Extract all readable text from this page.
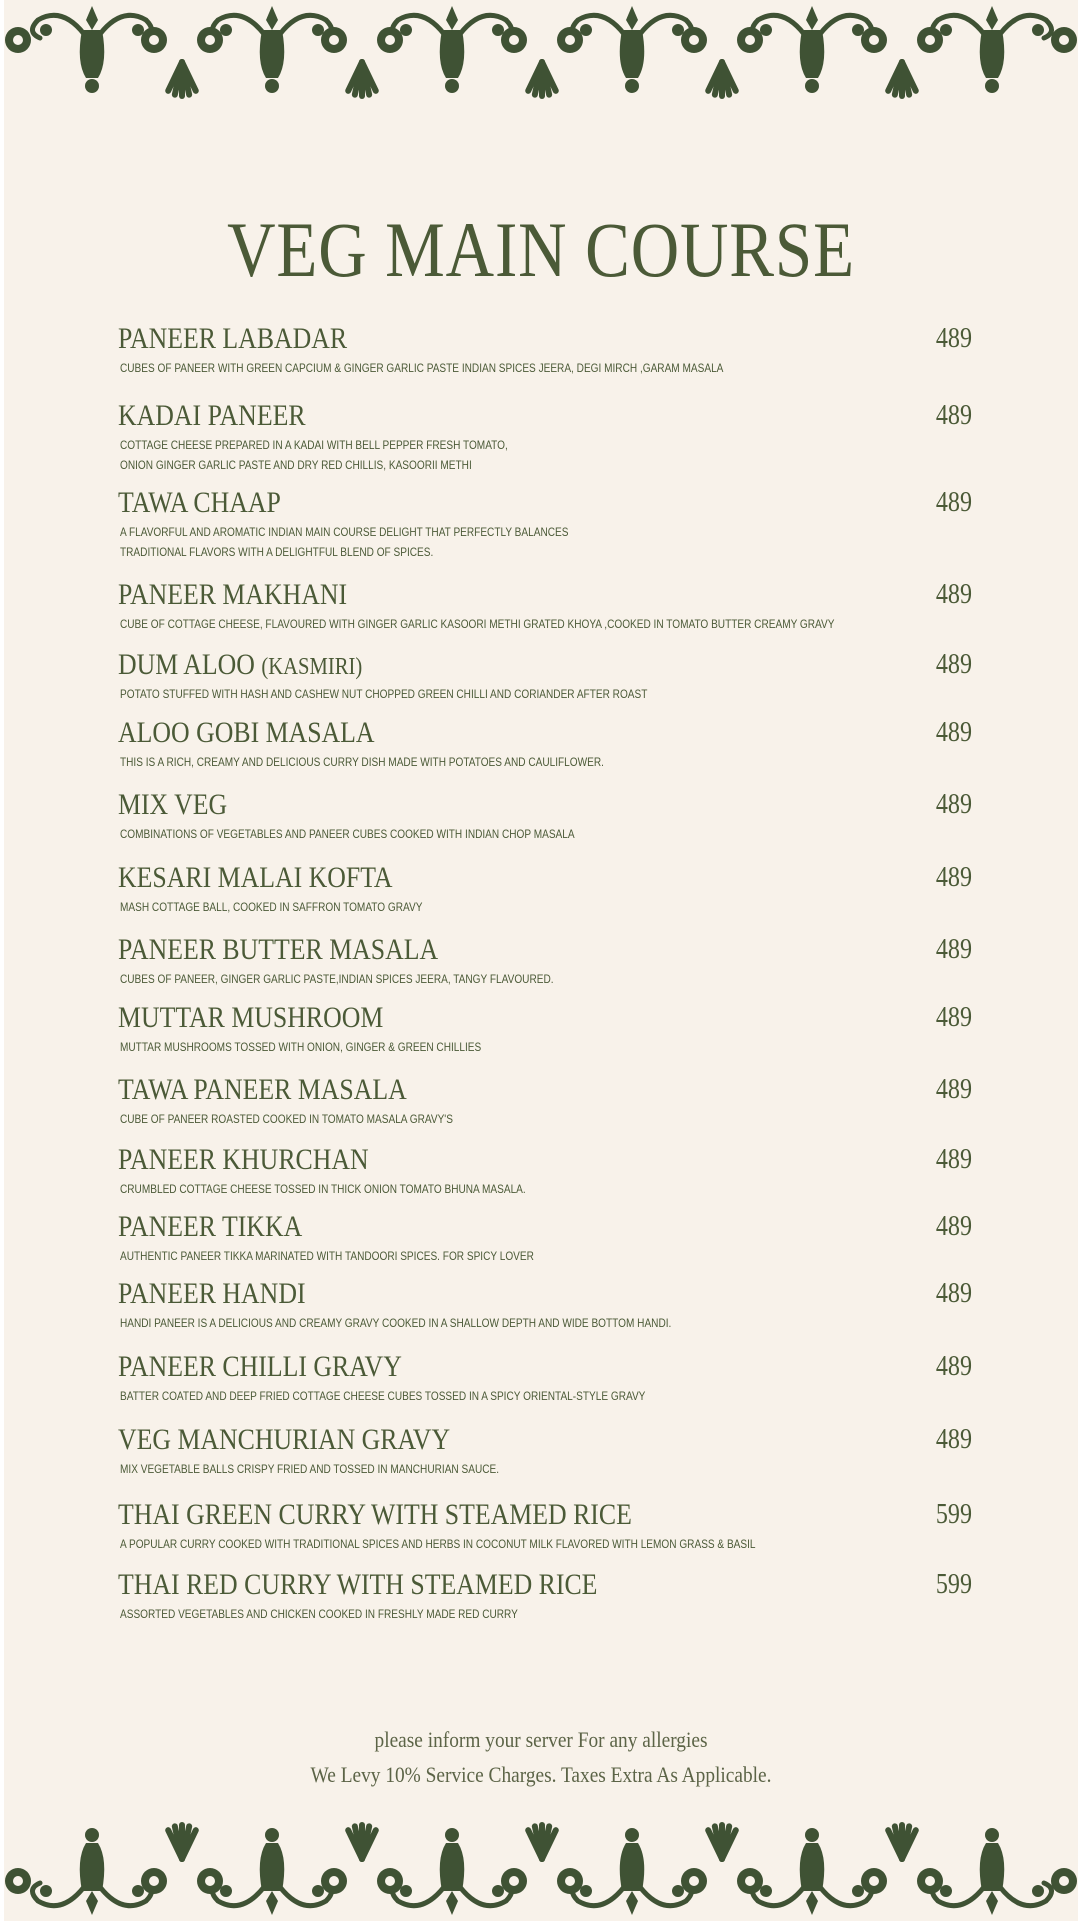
VEG MAIN COURSE
PANEER LABADAR	489
CUBES OF PANEER WITH GREEN CAPCIUM & GINGER GARLIC PASTE INDIAN SPICES JEERA, DEGI MIRCH ,GARAM MASALA
KADAI PANEER	489
COTTAGE CHEESE PREPARED IN A KADAI WITH BELL PEPPER FRESH TOMATO,
ONION GINGER GARLIC PASTE AND DRY RED CHILLIS, KASOORII METHI
TAWA CHAAP	489
A FLAVORFUL AND AROMATIC INDIAN MAIN COURSE DELIGHT THAT PERFECTLY BALANCES
TRADITIONAL FLAVORS WITH A DELIGHTFUL BLEND OF SPICES.
PANEER MAKHANI	489
CUBE OF COTTAGE CHEESE, FLAVOURED WITH GINGER GARLIC KASOORI METHI GRATED KHOYA ,COOKED IN TOMATO BUTTER CREAMY GRAVY
DUM ALOO (KASMIRI)	489
POTATO STUFFED WITH HASH AND CASHEW NUT CHOPPED GREEN CHILLI AND CORIANDER AFTER ROAST
ALOO GOBI MASALA	489
THIS IS A RICH, CREAMY AND DELICIOUS CURRY DISH MADE WITH POTATOES AND CAULIFLOWER.
MIX VEG	489
COMBINATIONS OF VEGETABLES AND PANEER CUBES COOKED WITH INDIAN CHOP MASALA
KESARI MALAI KOFTA	489
MASH COTTAGE BALL, COOKED IN SAFFRON TOMATO GRAVY
PANEER BUTTER MASALA	489
CUBES OF PANEER, GINGER GARLIC PASTE,INDIAN SPICES JEERA, TANGY FLAVOURED.
MUTTAR MUSHROOM	489
MUTTAR MUSHROOMS TOSSED WITH ONION, GINGER & GREEN CHILLIES
TAWA PANEER MASALA	489
CUBE OF PANEER ROASTED COOKED IN TOMATO MASALA GRAVY'S
PANEER KHURCHAN	489
CRUMBLED COTTAGE CHEESE TOSSED IN THICK ONION TOMATO BHUNA MASALA.
PANEER TIKKA	489
AUTHENTIC PANEER TIKKA MARINATED WITH TANDOORI SPICES. FOR SPICY LOVER
PANEER HANDI	489
HANDI PANEER IS A DELICIOUS AND CREAMY GRAVY COOKED IN A SHALLOW DEPTH AND WIDE BOTTOM HANDI.
PANEER CHILLI GRAVY	489
BATTER COATED AND DEEP FRIED COTTAGE CHEESE CUBES TOSSED IN A SPICY ORIENTAL-STYLE GRAVY
VEG MANCHURIAN GRAVY	489
MIX VEGETABLE BALLS CRISPY FRIED AND TOSSED IN MANCHURIAN SAUCE.
THAI GREEN CURRY WITH STEAMED RICE	599
A POPULAR CURRY COOKED WITH TRADITIONAL SPICES AND HERBS IN COCONUT MILK FLAVORED WITH LEMON GRASS & BASIL
THAI RED CURRY WITH STEAMED RICE	599
ASSORTED VEGETABLES AND CHICKEN COOKED IN FRESHLY MADE RED CURRY
please inform your server For any allergies
We Levy 10% Service Charges. Taxes Extra As Applicable.
